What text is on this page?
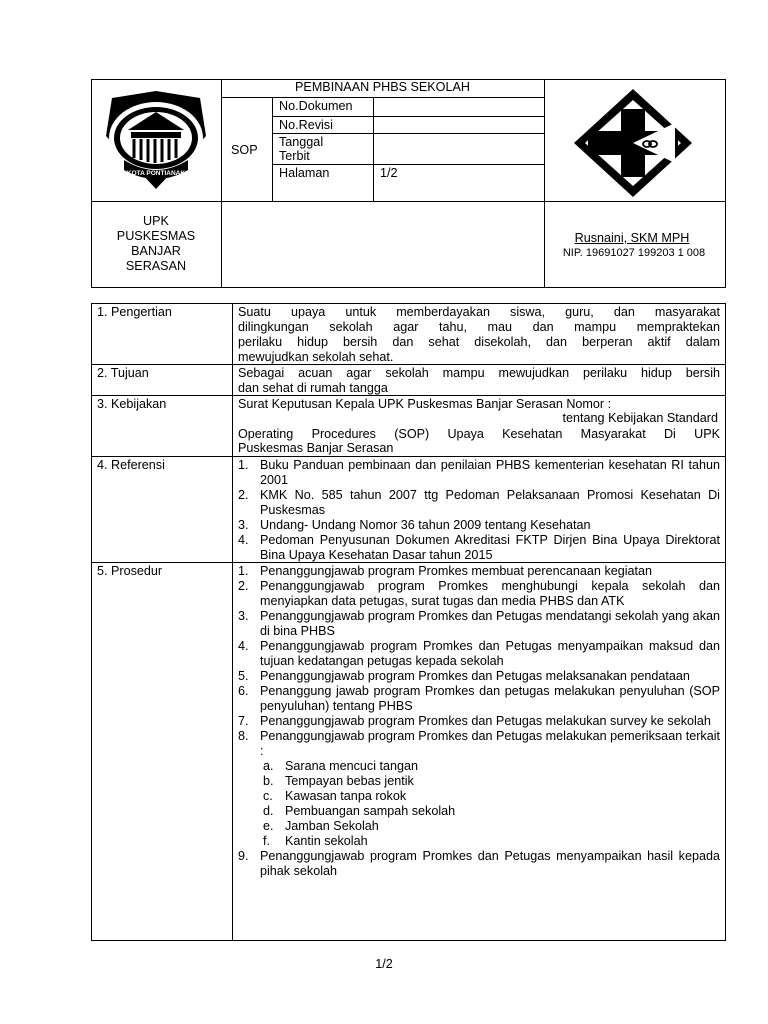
KOTA PONTIANAK
PEMBINAAN PHBS SEKOLAH
SOP
No.Dokumen
No.Revisi
Tanggal
Terbit
Halaman	1/2
UPK
PUSKESMAS
BANJAR
SERASAN
Rusnaini, SKM MPH
NIP. 19691027 199203 1 008
1. Pengertian	Suatu upaya untuk memberdayakan siswa, guru, dan masyarakat
dilingkungan sekolah agar tahu, mau dan mampu mempraktekan
perilaku hidup bersih dan sehat disekolah, dan berperan aktif dalam
mewujudkan sekolah sehat.
2. Tujuan	Sebagai acuan agar sekolah mampu mewujudkan perilaku hidup bersih
dan sehat di rumah tangga
3. Kebijakan	Surat Keputusan Kepala UPK Puskesmas Banjar Serasan Nomor :
tentang Kebijakan Standard
Operating Procedures (SOP) Upaya Kesehatan Masyarakat Di UPK
Puskesmas Banjar Serasan
4. Referensi	1. Buku Panduan pembinaan dan penilaian PHBS kementerian kesehatan RI tahun 2001
2. KMK No. 585 tahun 2007 ttg Pedoman Pelaksanaan Promosi Kesehatan Di Puskesmas
3. Undang- Undang Nomor 36 tahun 2009 tentang Kesehatan
4. Pedoman Penyusunan Dokumen Akreditasi FKTP Dirjen Bina Upaya Direktorat Bina Upaya Kesehatan Dasar tahun 2015
5. Prosedur	1. Penanggungjawab program Promkes membuat perencanaan kegiatan
2. Penanggungjawab program Promkes menghubungi kepala sekolah dan menyiapkan data petugas, surat tugas dan media PHBS dan ATK
3. Penanggungjawab program Promkes dan Petugas mendatangi sekolah yang akan di bina PHBS
4. Penanggungjawab program Promkes dan Petugas menyampaikan maksud dan tujuan kedatangan petugas kepada sekolah
5. Penanggungjawab program Promkes dan Petugas melaksanakan pendataan
6. Penanggung jawab program Promkes dan petugas melakukan penyuluhan (SOP penyuluhan) tentang PHBS
7. Penanggungjawab program Promkes dan Petugas melakukan survey ke sekolah
8. Penanggungjawab program Promkes dan Petugas melakukan pemeriksaan terkait :
a. Sarana mencuci tangan
b. Tempayan bebas jentik
c. Kawasan tanpa rokok
d. Pembuangan sampah sekolah
e. Jamban Sekolah
f. Kantin sekolah
9. Penanggungjawab program Promkes dan Petugas menyampaikan hasil kepada pihak sekolah
1/2
